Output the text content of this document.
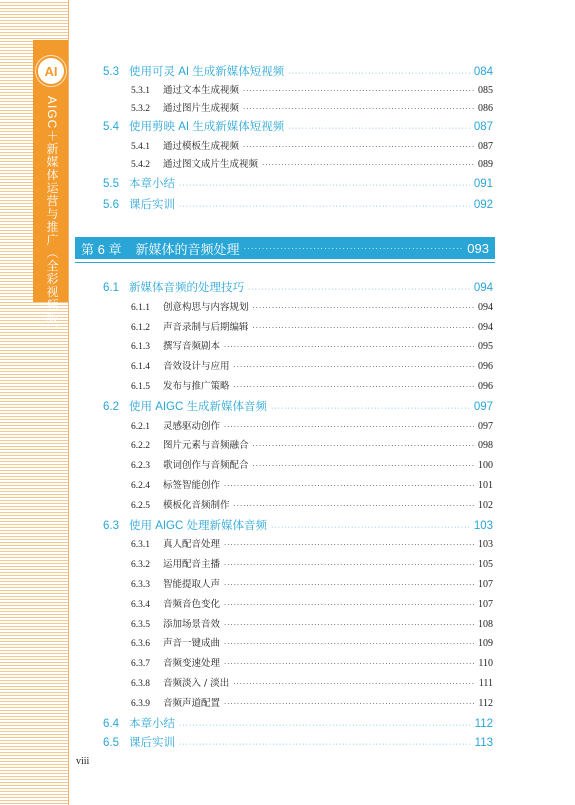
AI
AIGC＋新媒体运营与推广（全彩视频版）
5.3 使用可灵 AI 生成新媒体短视频 ·····	084
5.3.1	通过文本生成视频 ·····	085
5.3.2	通过图片生成视频 ·····	086
5.4 使用剪映 AI 生成新媒体短视频 ·····	087
5.4.1	通过模板生成视频 ·····	087
5.4.2	通过图文成片生成视频 ·····	089
5.5 本章小结 ·····	091
5.6 课后实训 ·····	092
6.1 新媒体音频的处理技巧 ·····	094
6.1.1	创意构思与内容规划 ·····	094
6.1.2	声音录制与后期编辑 ·····	094
6.1.3	撰写音频剧本 ·····	095
6.1.4	音效设计与应用 ·····	096
6.1.5	发布与推广策略 ·····	096
6.2 使用 AIGC 生成新媒体音频 ·····	097
6.2.1	灵感驱动创作 ·····	097
6.2.2	图片元素与音频融合 ·····	098
6.2.3	歌词创作与音频配合 ·····	100
6.2.4	标签智能创作 ·····	101
6.2.5	模板化音频制作 ·····	102
6.3 使用 AIGC 处理新媒体音频 ·····	103
6.3.1	真人配音处理 ·····	103
6.3.2	运用配音主播 ·····	105
6.3.3	智能提取人声 ·····	107
6.3.4	音频音色变化 ·····	107
6.3.5	添加场景音效 ·····	108
6.3.6	声音一键成曲 ·····	109
6.3.7	音频变速处理 ·····	110
6.3.8	音频淡入 / 淡出 ·····	111
6.3.9	音频声道配置 ·····	112
6.4 本章小结 ·····	112
6.5 课后实训 ·····	113
第 6 章 新媒体的音频处理 ·····	093
viii
